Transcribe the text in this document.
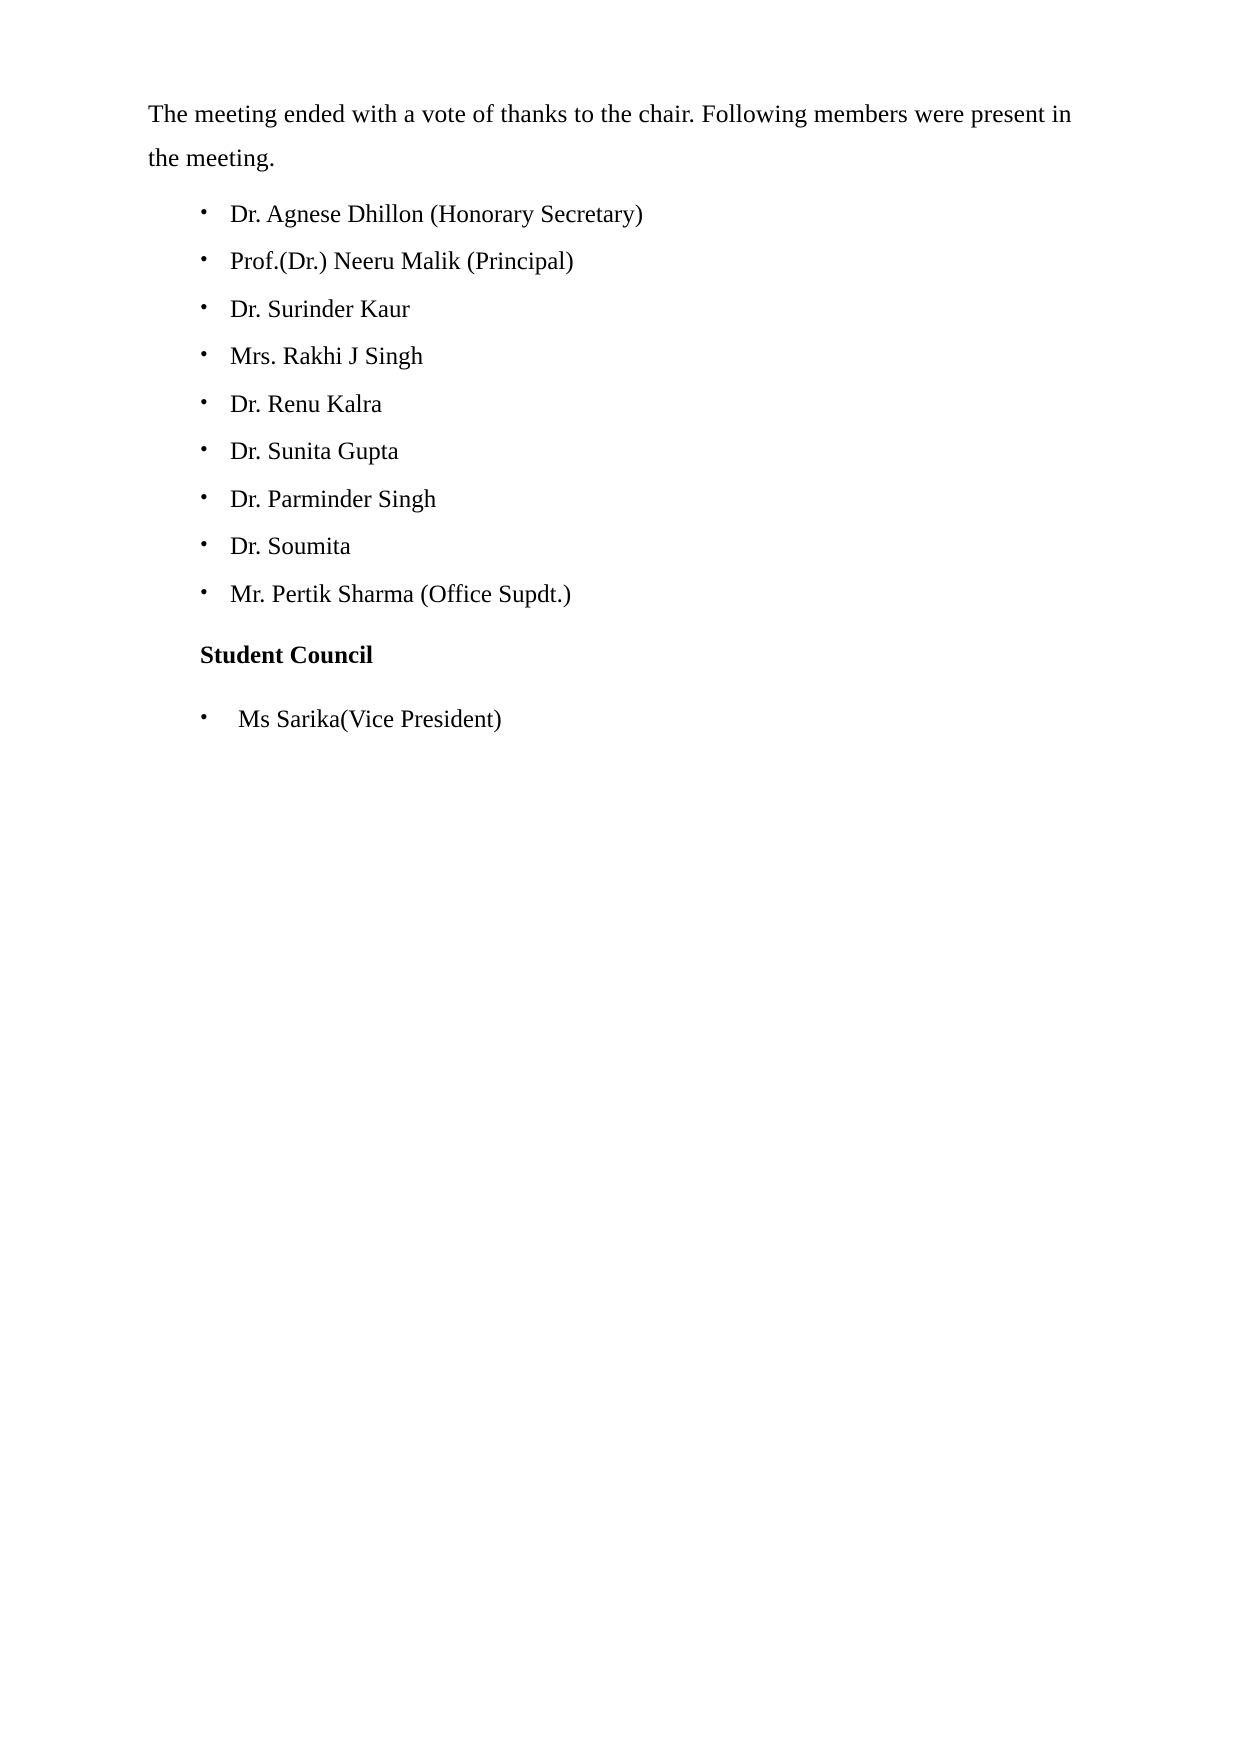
The meeting ended with a vote of thanks to the chair. Following members were present in the meeting.

• Dr. Agnese Dhillon (Honorary Secretary)
• Prof.(Dr.) Neeru Malik (Principal)
• Dr. Surinder Kaur
• Mrs. Rakhi J Singh
• Dr. Renu Kalra
• Dr. Sunita Gupta
• Dr. Parminder Singh
• Dr. Soumita
• Mr. Pertik Sharma (Office Supdt.)
Student Council
• Ms Sarika(Vice President)
